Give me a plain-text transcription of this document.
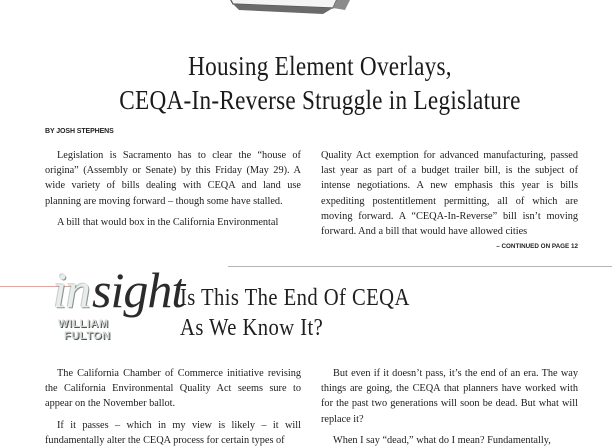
Housing Element Overlays,
CEQA-In-Reverse Struggle in Legislature
BY JOSH STEPHENS

Legislation is Sacramento has to clear the “house of origina” (Assembly or Senate) by this Friday (May 29). A wide variety of bills dealing with CEQA and land use planning are moving forward – though some have stalled.

A bill that would box in the California Environmental

Quality Act exemption for advanced manufacturing, passed last year as part of a budget trailer bill, is the subject of intense negotiations. A new emphasis this year is bills expediting postentitlement permitting, all of which are moving forward. A “CEQA-In-Reverse” bill isn’t moving forward. And a bill that would have allowed cities

– CONTINUED ON PAGE 12
in sight
WILLIAM
FULTON
Is This The End Of CEQA
As We Know It?

The California Chamber of Commerce initiative revising the California Environmental Quality Act seems sure to appear on the November ballot.

If it passes – which in my view is likely – it will fundamentally alter the CEQA process for certain types of

But even if it doesn’t pass, it’s the end of an era. The way things are going, the CEQA that planners have worked with for the past two generations will soon be dead. But what will replace it?

When I say “dead,” what do I mean? Fundamentally,
